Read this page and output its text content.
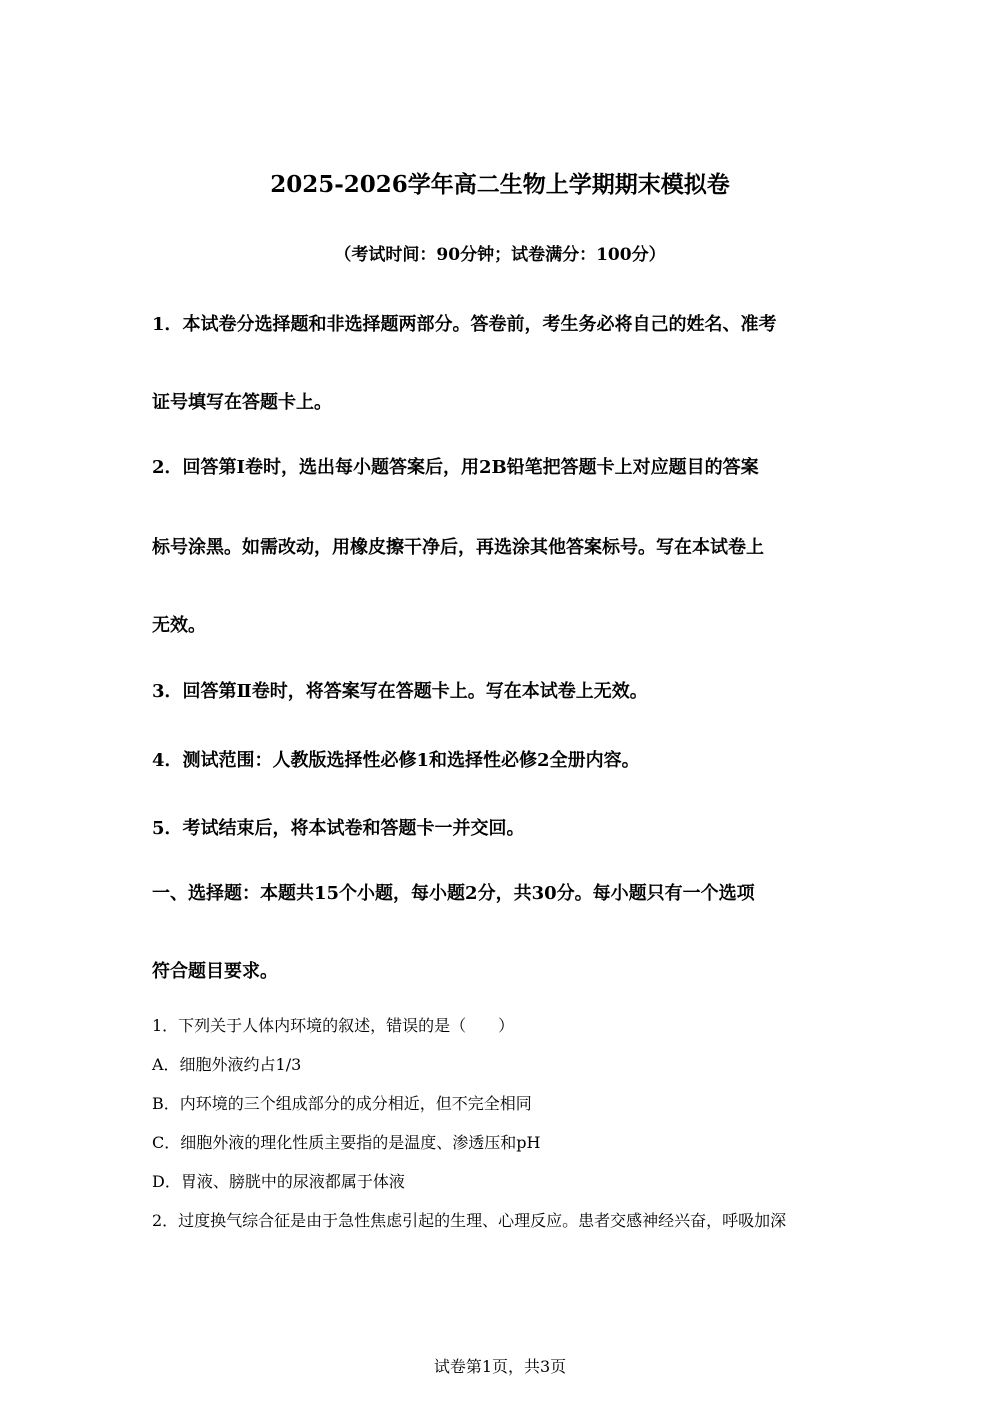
2025-2026学年高二生物上学期期末模拟卷
（考试时间：90分钟；试卷满分：100分）
1．本试卷分选择题和非选择题两部分。答卷前，考生务必将自己的姓名、准考
证号填写在答题卡上。
2．回答第Ⅰ卷时，选出每小题答案后，用2B铅笔把答题卡上对应题目的答案
标号涂黑。如需改动，用橡皮擦干净后，再选涂其他答案标号。写在本试卷上
无效。
3．回答第Ⅱ卷时，将答案写在答题卡上。写在本试卷上无效。
4．测试范围：人教版选择性必修1和选择性必修2全册内容。
5．考试结束后，将本试卷和答题卡一并交回。
一、选择题：本题共15个小题，每小题2分，共30分。每小题只有一个选项
符合题目要求。
1．下列关于人体内环境的叙述，错误的是（　　）
A．细胞外液约占1/3
B．内环境的三个组成部分的成分相近，但不完全相同
C．细胞外液的理化性质主要指的是温度、渗透压和pH
D．胃液、膀胱中的尿液都属于体液
2．过度换气综合征是由于急性焦虑引起的生理、心理反应。患者交感神经兴奋，呼吸加深
试卷第1页，共3页
